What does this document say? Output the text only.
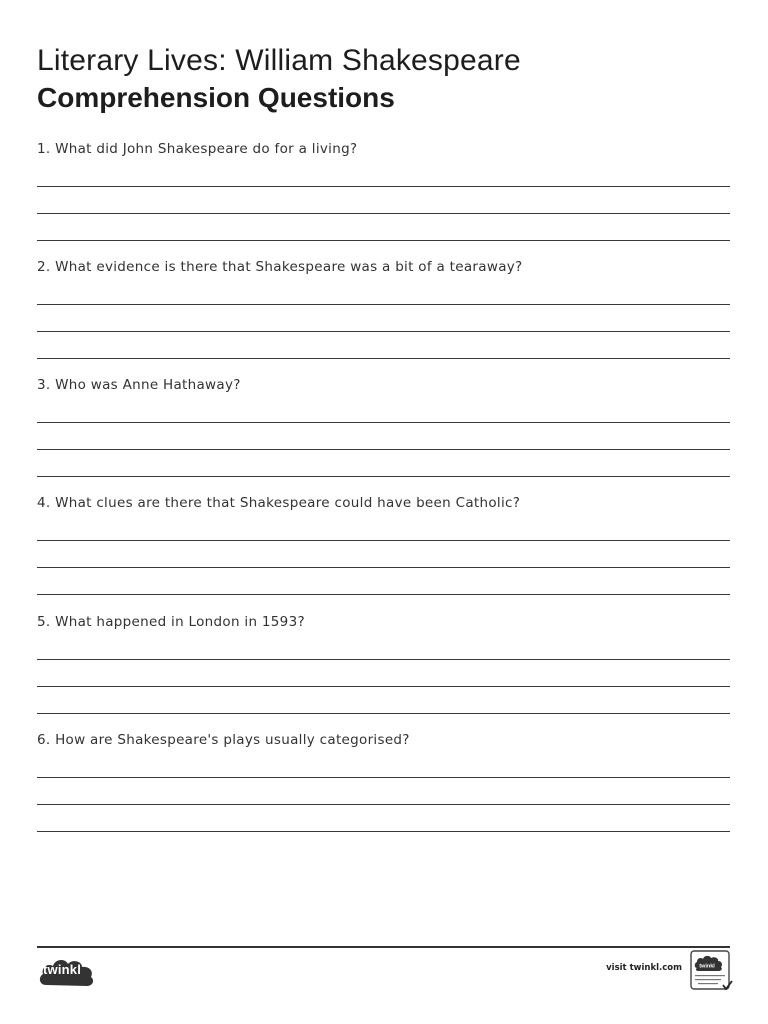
Literary Lives: William Shakespeare
Comprehension Questions
1. What did John Shakespeare do for a living?
2. What evidence is there that Shakespeare was a bit of a tearaway?
3. Who was Anne Hathaway?
4. What clues are there that Shakespeare could have been Catholic?
5. What happened in London in 1593?
6. How are Shakespeare's plays usually categorised?
twinkl	visit twinkl.com	twinkl
